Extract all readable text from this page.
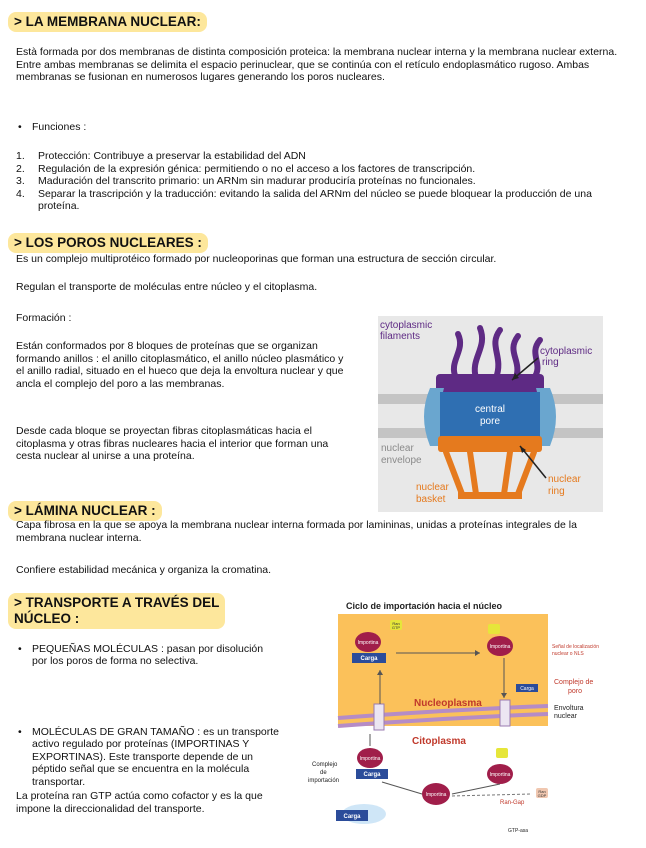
> LA MEMBRANA NUCLEAR:

Està formada por dos membranas de distinta composición proteica: la membrana nuclear interna y la membrana nuclear externa. Entre ambas membranas se delimita el espacio perinuclear, que se continúa con el retículo endoplasmático rugoso. Ambas membranas se fusionan en numerosos lugares generando los poros nucleares.

• Funciones :
1. Protección: Contribuye a preservar la estabilidad del ADN
2. Regulación de la expresión génica: permitiendo o no el acceso a los factores de transcripción.
3. Maduración del transcrito primario: un ARNm sin madurar produciría proteínas no funcionales.
4. Separar la trascripción y la traducción: evitando la salida del ARNm del núcleo se puede bloquear la producción de una proteína.
> LOS POROS NUCLEARES :

Es un complejo multiprotéico formado por nucleoporinas que forman una estructura de sección circular.

Regulan el transporte de moléculas entre núcleo y el citoplasma.

Formación :

Están conformados por 8 bloques de proteínas que se organizan formando anillos : el anillo citoplasmático, el anillo núcleo plasmático y el anillo radial, situado en el hueco que deja la envoltura nuclear y que ancla el complejo del poro a las membranas.

Desde cada bloque se proyectan fibras citoplasmáticas hacia el citoplasma y otras fibras nucleares hacia el interior que forman una cesta nuclear al unirse a una proteína.

cytoplasmic
filaments
cytoplasmic
ring
central
pore
nuclear
envelope
nuclear
ring
nuclear
basket
> LÁMINA NUCLEAR :

Capa fibrosa en la que se apoya la membrana nuclear interna formada por lamininas, unidas a proteínas integrales de la membrana nuclear interna.

Confiere estabilidad mecánica y organiza la cromatina.

> TRANSPORTE A TRAVÉS DEL
NÚCLEO :
• PEQUEÑAS MOLÉCULAS : pasan por disolución por los poros de forma no selectiva.
• MOLÉCULAS DE GRAN TAMAÑO : es un transporte activo regulado por proteínas (IMPORTINAS Y EXPORTINAS). Este transporte depende de un péptido señal que se encuentra en la molécula transportar.

La proteína ran GTP actúa como cofactor y es la que impone la direccionalidad del transporte.

Ciclo de importación hacia el núcleo
Importina
Carga
Ran
GTP
Importina
Carga
Nucleoplasma
Citoplasma
Señal de localización
nuclear o NLS
Complejo de
poro
Envoltura
nuclear
Importina
Carga
Complejo
de
importación
Importina
Importina
Carga
Ran
GDP
Ran-Gap
GTP-asa
